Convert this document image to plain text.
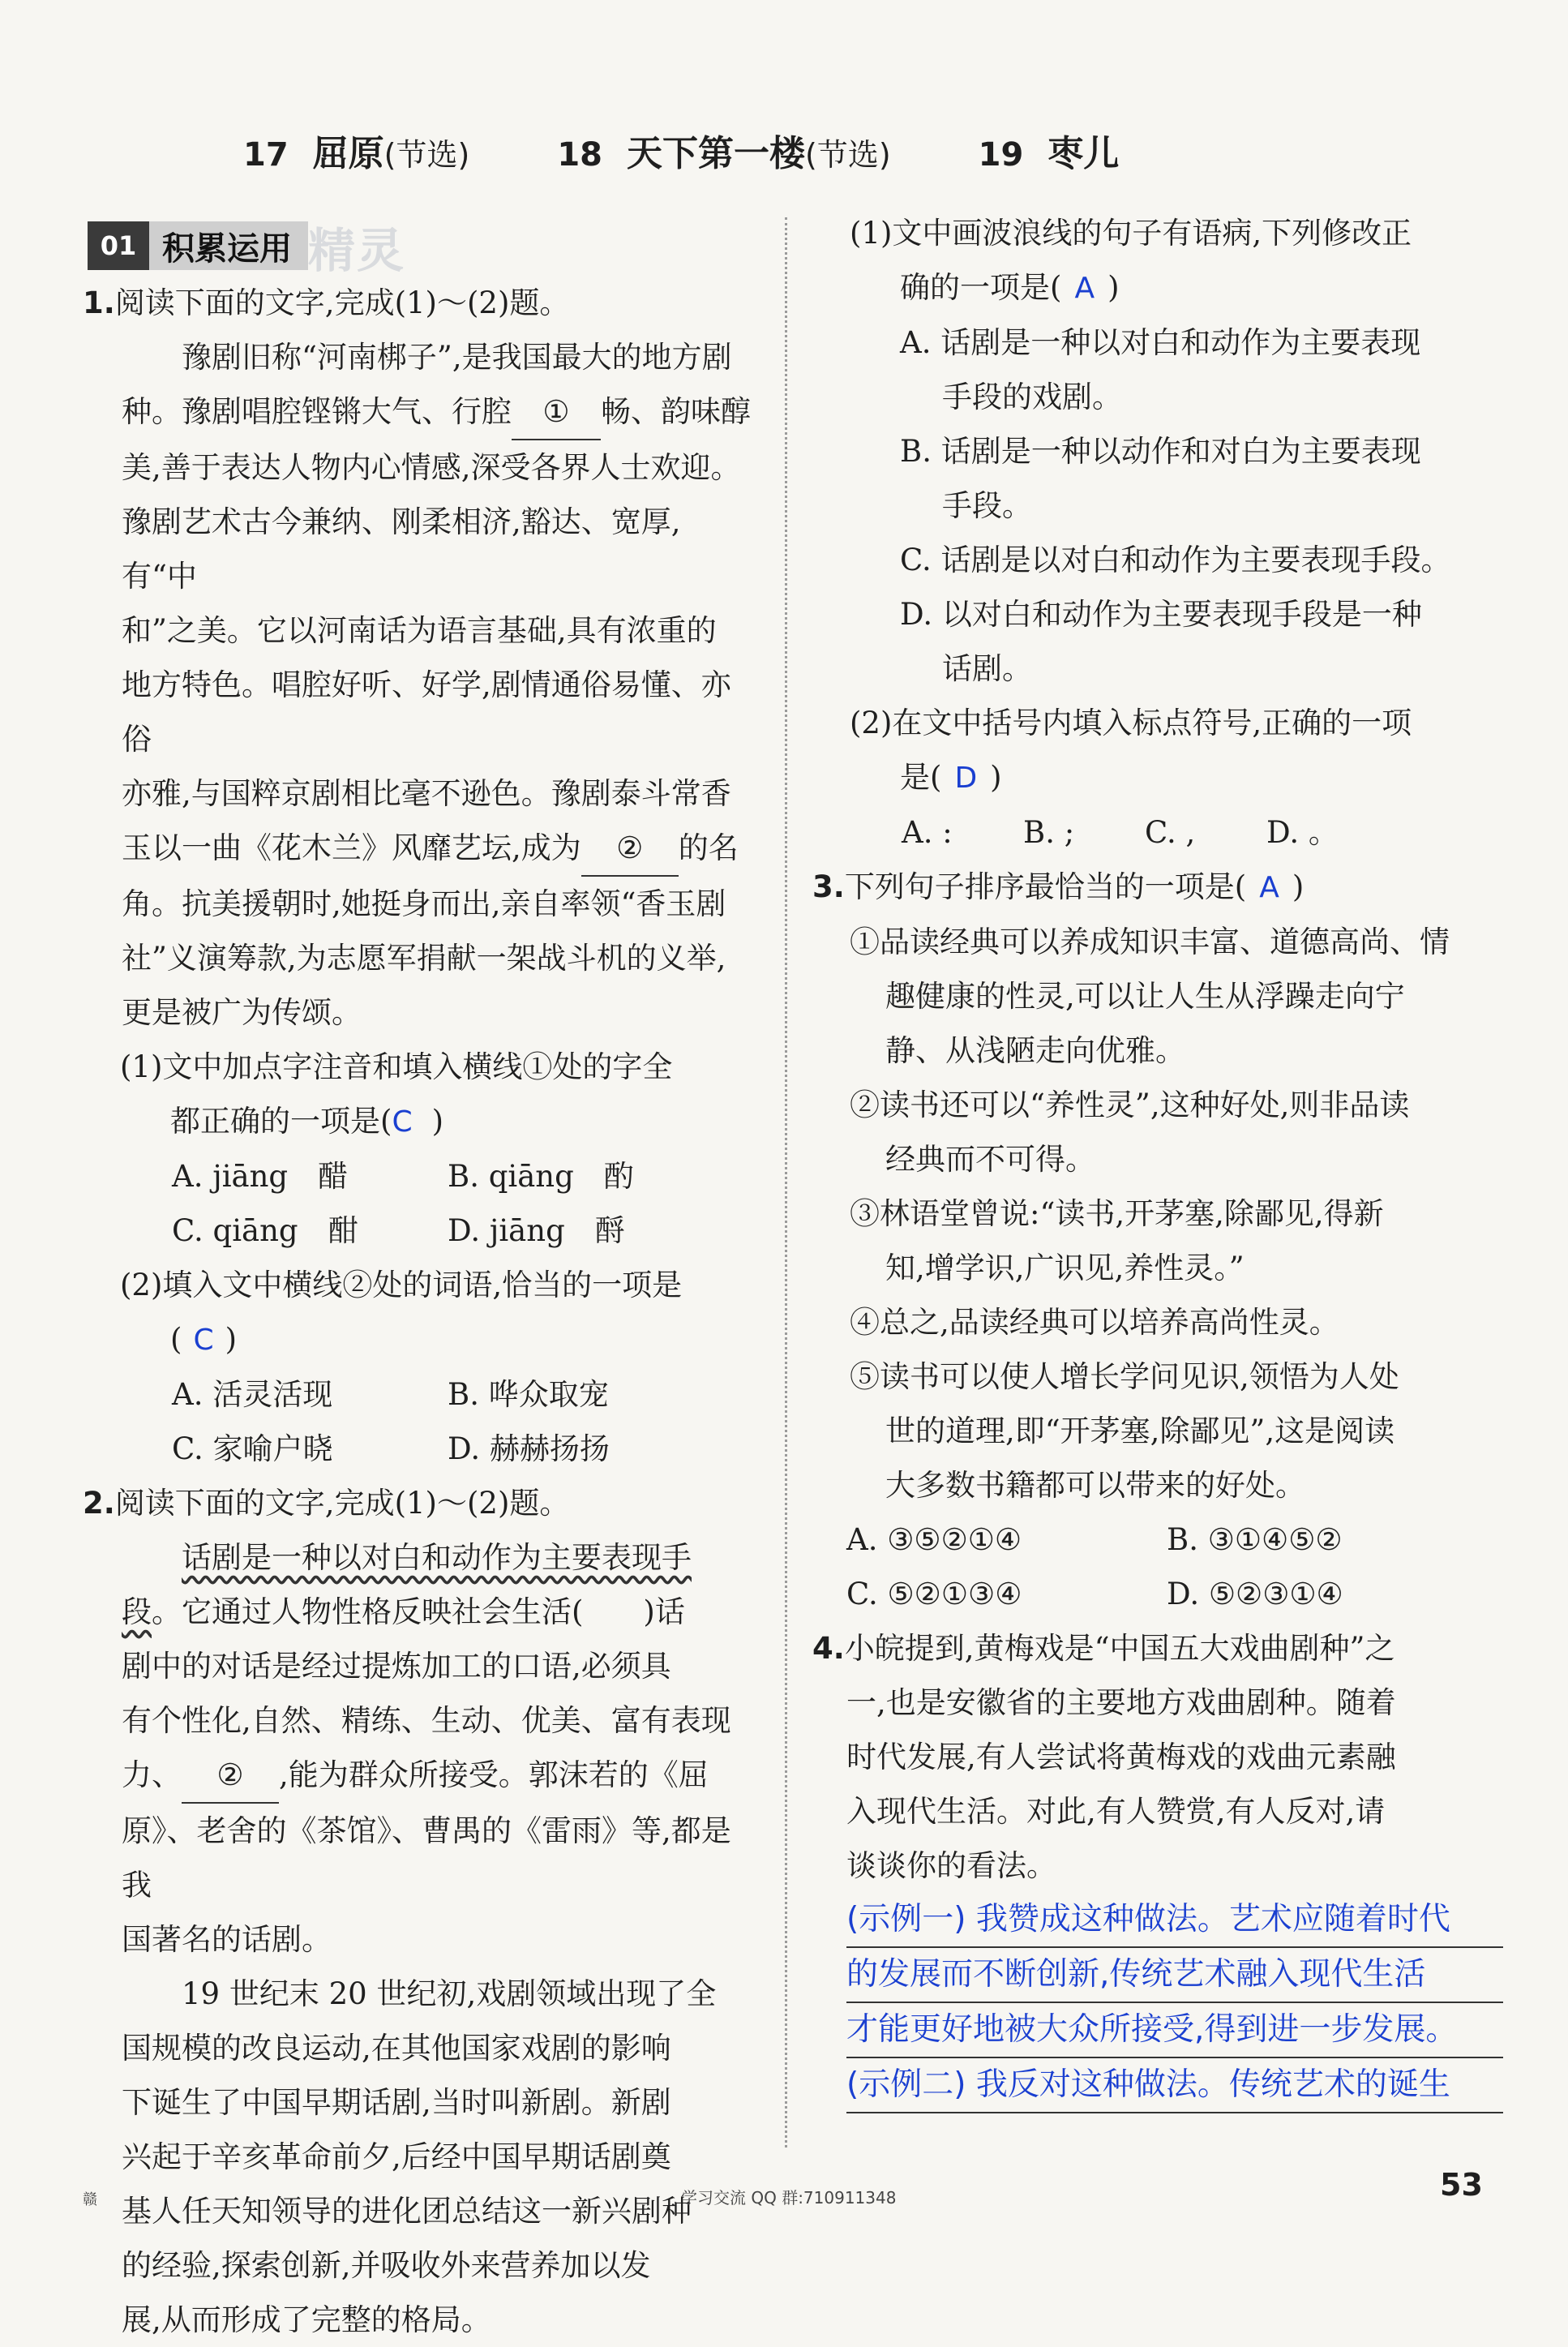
17 屈原 (节选)	18 天下第一楼 (节选)	19 枣儿
01 积累运用 精灵

1.阅读下面的文字,完成(1)～(2)题。

豫剧旧称“河南梆子”,是我国最大的地方剧

种。豫剧唱腔铿锵大气、行腔 ① 畅、韵味醇

美,善于表达人物内心情感,深受各界人士欢迎。

豫剧艺术古今兼纳、刚柔相济,豁达、宽厚,有“中

和”之美。它以河南话为语言基础,具有浓重的

地方特色。唱腔好听、好学,剧情通俗易懂、亦俗

亦雅,与国粹京剧相比毫不逊色。豫剧泰斗常香

玉以一曲《花木兰》风靡艺坛,成为 ② 的名

角。抗美援朝时,她挺身而出,亲自率领“香玉剧

社”义演筹款,为志愿军捐献一架战斗机的义举,

更是被广为传颂。

(1)文中加点字注音和填入横线①处的字全

都正确的一项是(C )

A. jiāng　醋	B. qiāng　酌
C. qiāng　酣	D. jiāng　酹

(2)填入文中横线②处的词语,恰当的一项是

( C )

A. 活灵活现	B. 哗众取宠
C. 家喻户晓	D. 赫赫扬扬

2.阅读下面的文字,完成(1)～(2)题。

话剧是一种以对白和动作为主要表现手

段。它通过人物性格反映社会生活(　　)话

剧中的对话是经过提炼加工的口语,必须具

有个性化,自然、精练、生动、优美、富有表现

力、 ② ,能为群众所接受。郭沫若的《屈

原》、老舍的《茶馆》、曹禺的《雷雨》等,都是我

国著名的话剧。

19 世纪末 20 世纪初,戏剧领域出现了全

国规模的改良运动,在其他国家戏剧的影响

下诞生了中国早期话剧,当时叫新剧。新剧

兴起于辛亥革命前夕,后经中国早期话剧奠

基人任天知领导的进化团总结这一新兴剧种

的经验,探索创新,并吸收外来营养加以发

展,从而形成了完整的格局。

(1)文中画波浪线的句子有语病,下列修改正

确的一项是( A )

A. 话剧是一种以对白和动作为主要表现

手段的戏剧。

B. 话剧是一种以动作和对白为主要表现

手段。

C. 话剧是以对白和动作为主要表现手段。

D. 以对白和动作为主要表现手段是一种

话剧。

(2)在文中括号内填入标点符号,正确的一项

是( D )

A. :	B. ;	C. ,	D. 。

3.下列句子排序最恰当的一项是( A )

①品读经典可以养成知识丰富、道德高尚、情

趣健康的性灵,可以让人生从浮躁走向宁

静、从浅陋走向优雅。

②读书还可以“养性灵”,这种好处,则非品读

经典而不可得。

③林语堂曾说:“读书,开茅塞,除鄙见,得新

知,增学识,广识见,养性灵。”

④总之,品读经典可以培养高尚性灵。

⑤读书可以使人增长学问见识,领悟为人处

世的道理,即“开茅塞,除鄙见”,这是阅读

大多数书籍都可以带来的好处。

A. ③⑤②①④	B. ③①④⑤②
C. ⑤②①③④	D. ⑤②③①④

4.小皖提到,黄梅戏是“中国五大戏曲剧种”之

一,也是安徽省的主要地方戏曲剧种。随着

时代发展,有人尝试将黄梅戏的戏曲元素融

入现代生活。对此,有人赞赏,有人反对,请

谈谈你的看法。

(示例一) 我赞成这种做法。艺术应随着时代
的发展而不断创新,传统艺术融入现代生活
才能更好地被大众所接受,得到进一步发展。
(示例二) 我反对这种做法。传统艺术的诞生
赣	学习交流 QQ 群:710911348	53
